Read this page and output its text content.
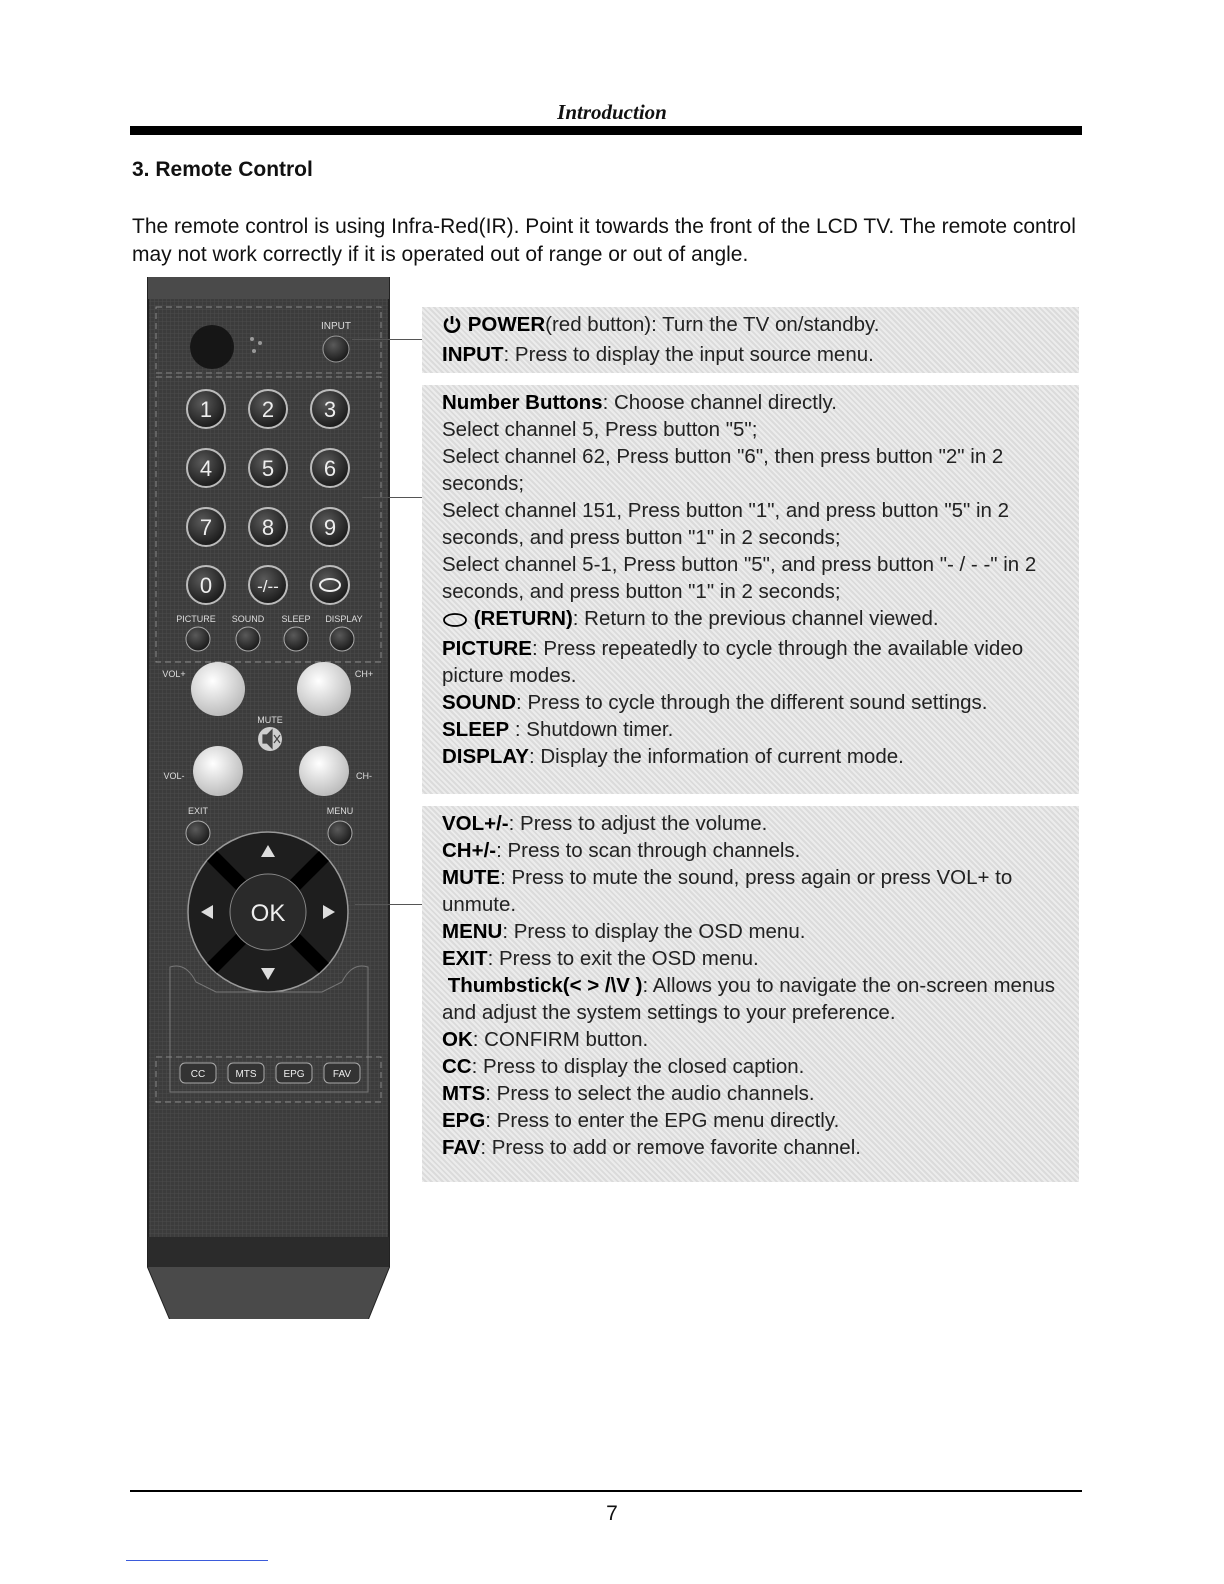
Introduction
3. Remote Control
The remote control is using Infra-Red(IR). Point it towards the front of the LCD TV. The remote control may not work correctly if it is operated out of range or out of angle.
INPUT
1 2 3
4 5 6
7 8 9
0	-/--
PICTURE SOUND SLEEP DISPLAY
VOL+	CH+
MUTE
VOL-	CH-
EXIT	MENU
OK
CC	MTS	EPG	FAV

POWER(red button): Turn the TV on/standby.

INPUT: Press to display the input source menu.

Number Buttons: Choose channel directly.

Select channel 5, Press button "5";

Select channel 62, Press button "6", then press button "2" in 2 seconds;

Select channel 151, Press button "1", and press button "5" in 2 seconds, and press button "1" in 2 seconds;

Select channel 5-1, Press button "5", and press button "- / - -" in 2 seconds, and press button "1" in 2 seconds;

(RETURN): Return to the previous channel viewed.

PICTURE: Press repeatedly to cycle through the available video picture modes.

SOUND: Press to cycle through the different sound settings.

SLEEP : Shutdown timer.

DISPLAY: Display the information of current mode.

VOL+/-: Press to adjust the volume.

CH+/-: Press to scan through channels.

MUTE: Press to mute the sound, press again or press VOL+ to unmute.

MENU: Press to display the OSD menu.

EXIT: Press to exit the OSD menu.

Thumbstick(< > /\V ): Allows you to navigate the on-screen menus and adjust the system settings to your preference.

OK: CONFIRM button.

CC: Press to display the closed caption.

MTS: Press to select the audio channels.

EPG: Press to enter the EPG menu directly.

FAV: Press to add or remove favorite channel.

7
